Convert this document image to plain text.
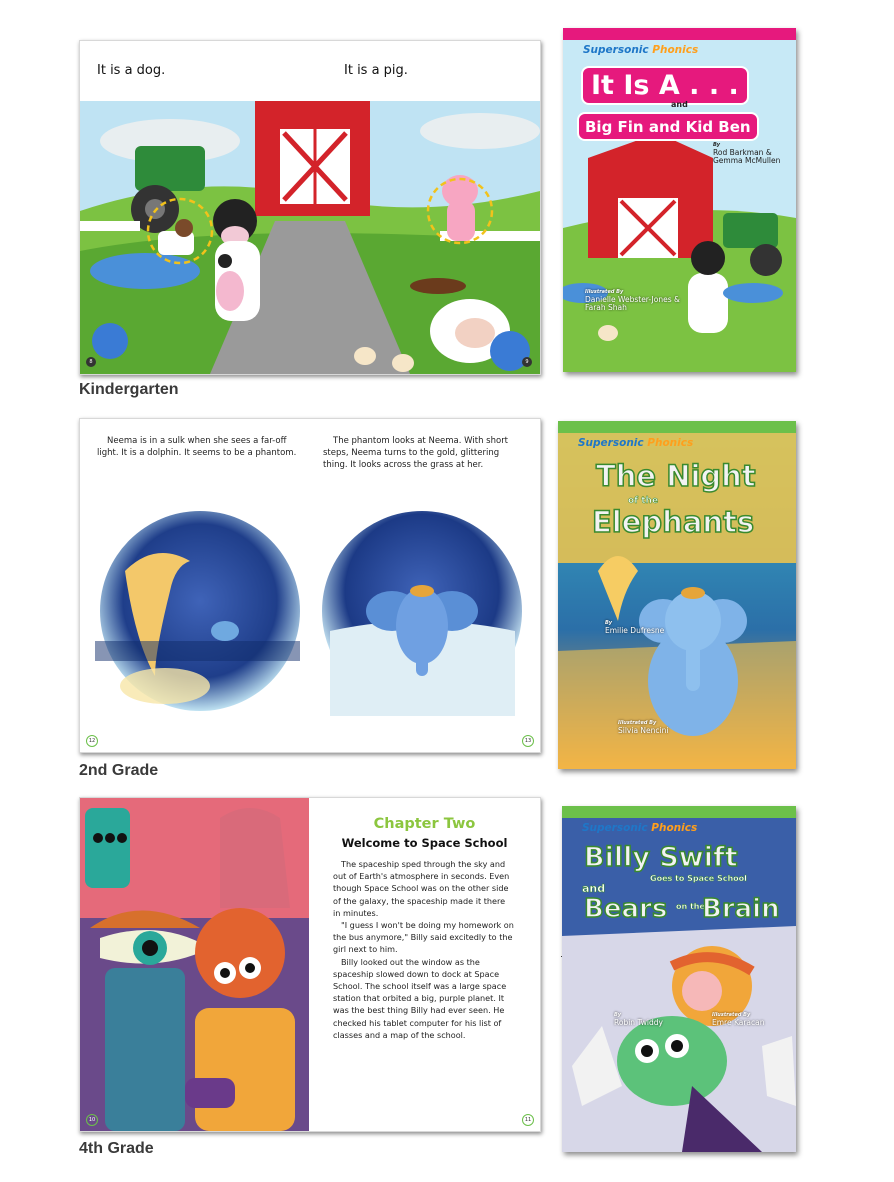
It is a dog.	It is a pig.
8	9
Kindergarten
Supersonic Phonics
It Is A . . .
and
Big Fin and Kid Ben
By
Rod Barkman & Gemma McMullen
Illustrated By
Danielle Webster-Jones & Farah Shah
Neema is in a sulk when she sees a far-off light. It is a dolphin. It seems to be a phantom.
The phantom looks at Neema. With short steps, Neema turns to the gold, glittering thing. It looks across the grass at her.
12	13
2nd Grade
Supersonic Phonics
The Night
of the
Elephants
By
Emilie Dufresne
Illustrated By
Silvia Nencini
Chapter Two
Welcome to Space School

The spaceship sped through the sky and out of Earth's atmosphere in seconds. Even though Space School was on the other side of the galaxy, the spaceship made it there in minutes.

"I guess I won't be doing my homework on the bus anymore," Billy said excitedly to the girl next to him.

Billy looked out the window as the spaceship slowed down to dock at Space School. The school itself was a large space station that orbited a big, purple planet. It was the best thing Billy had ever seen. He checked his tablet computer for his list of classes and a map of the school.

10	11
4th Grade
Supersonic Phonics
Billy Swift
Goes to Space School
and
Bears on the
Brain
By
Robin Twiddy
Illustrated By
Emre Karacan
